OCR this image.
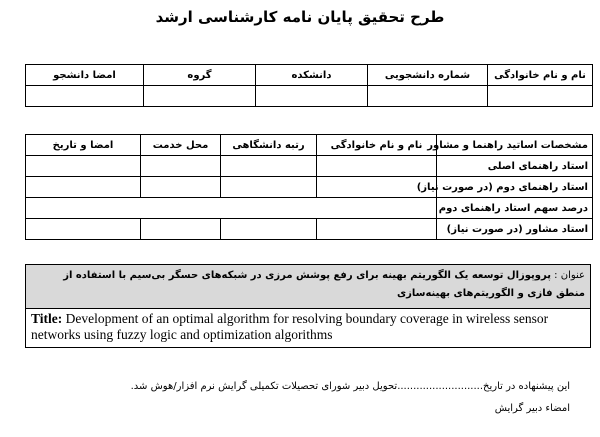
طرح تحقیق پایان نامه کارشناسی ارشد
نام و نام خانوادگی	شماره دانشجویی	دانشکده	گروه	امضا دانشجو

مشخصات اساتید راهنما و مشاور	نام و نام خانوادگی	رتبه دانشگاهی	محل خدمت	امضا و تاریخ
استاد راهنمای اصلی				
استاد راهنمای دوم (در صورت نیاز)				
درصد سهم استاد راهنمای دوم				
استاد مشاور (در صورت نیاز)				
عنوان : پروپوزال توسعه یک الگوریتم بهینه برای رفع پوشش مرزی در شبکه‌های حسگر بی‌سیم با استفاده از منطق فازی و الگوریتم‌های بهینه‌سازی
Title: Development of an optimal algorithm for resolving boundary coverage in wireless sensor networks using fuzzy logic and optimization algorithms
این پیشنهاده در تاریخ...........................تحویل دبیر شورای تحصیلات تکمیلی گرایش نرم افزار/هوش شد.
امضاء دبیر گرایش
